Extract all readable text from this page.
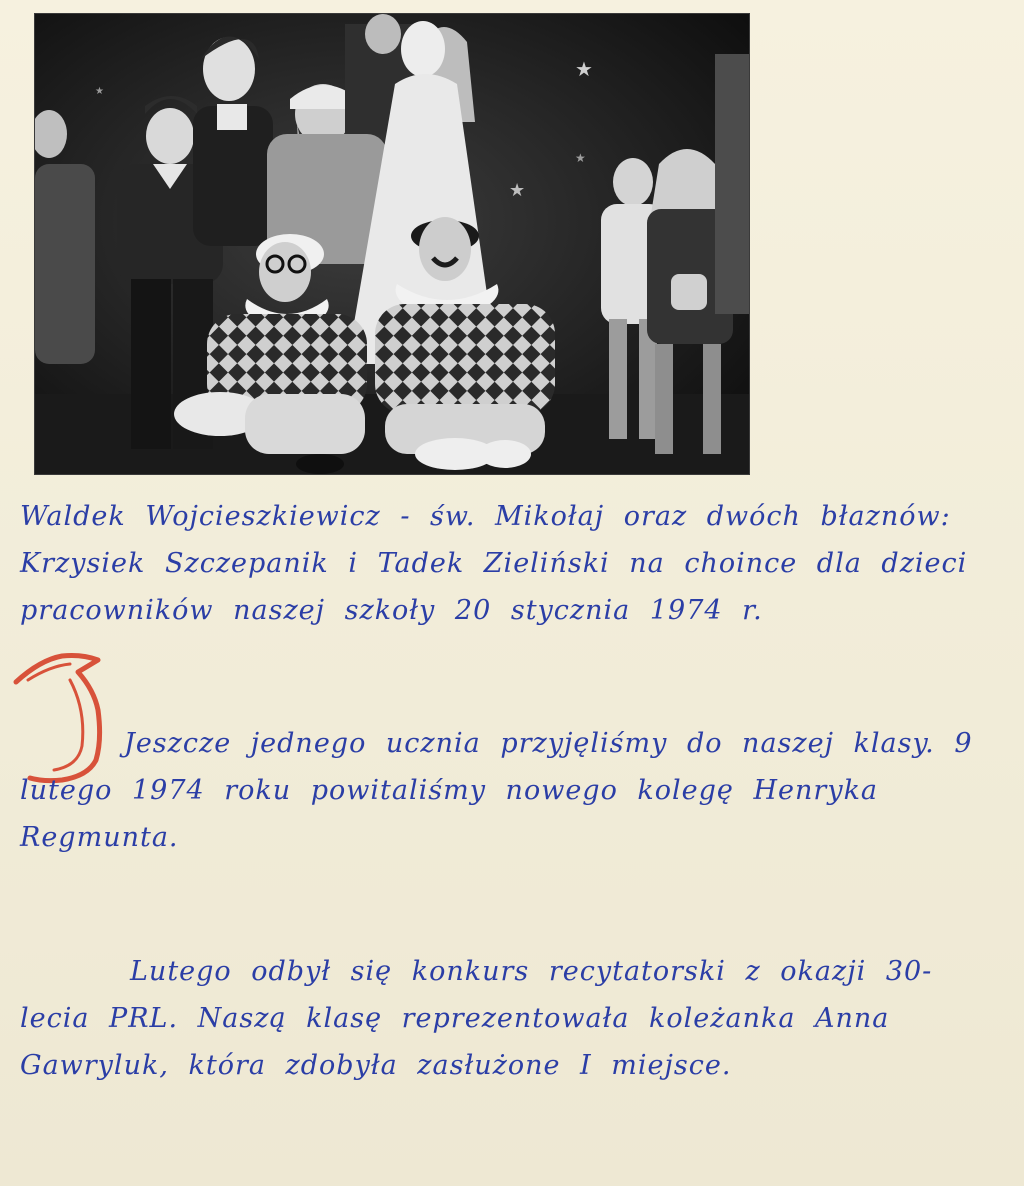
★
★
★
★
Waldek Wojcieszkiewicz - św. Mikołaj oraz dwóch błaznów: Krzysiek Szczepanik i Tadek Zieliński na choince dla dzieci pracowników naszej szkoły 20 stycznia 1974 r.
Jeszcze jednego ucznia przyjęliśmy do naszej klasy. 9 lutego 1974 roku powitaliśmy nowego kolegę Henryka Regmunta.
Lutego odbył się konkurs recytatorski z okazji 30-lecia PRL. Naszą klasę reprezentowała koleżanka Anna Gawryluk, która zdobyła zasłużone I miejsce.
